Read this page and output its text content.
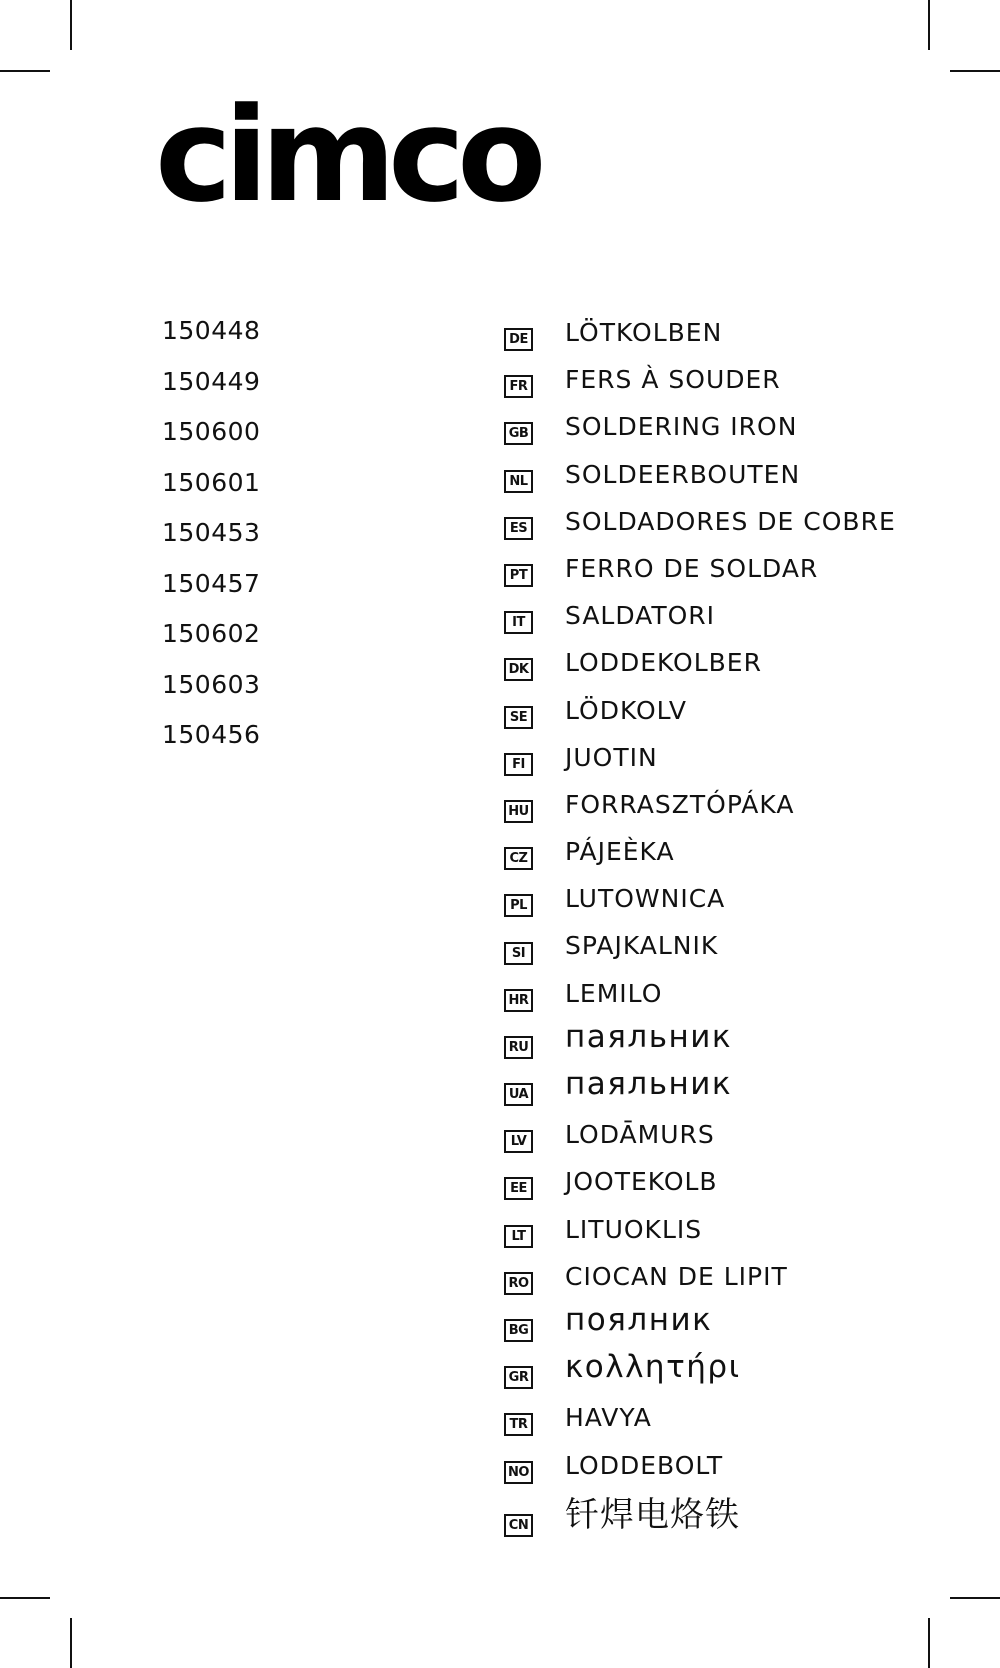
cimco
150448
150449
150600
150601
150453
150457
150602
150603
150456
DE LÖTKOLBEN
FR FERS À SOUDER
GB SOLDERING IRON
NL SOLDEERBOUTEN
ES SOLDADORES DE COBRE
PT FERRO DE SOLDAR
IT	SALDATORI
DK LODDEKOLBER
SE LÖDKOLV
FI	JUOTIN
HU FORRASZTÓPÁKA
CZ PÁJEÈKA
PL LUTOWNICA
SI	SPAJKALNIK
HR LEMILO
RU паяльник
UA паяльник
LV LODĀMURS
EE JOOTEKOLB
LT	LITUOKLIS
RO CIOCAN DE LIPIT
BG поялник
GR κολλητήρι
TR HAVYA
NO LODDEBOLT
CN 钎焊电烙铁
